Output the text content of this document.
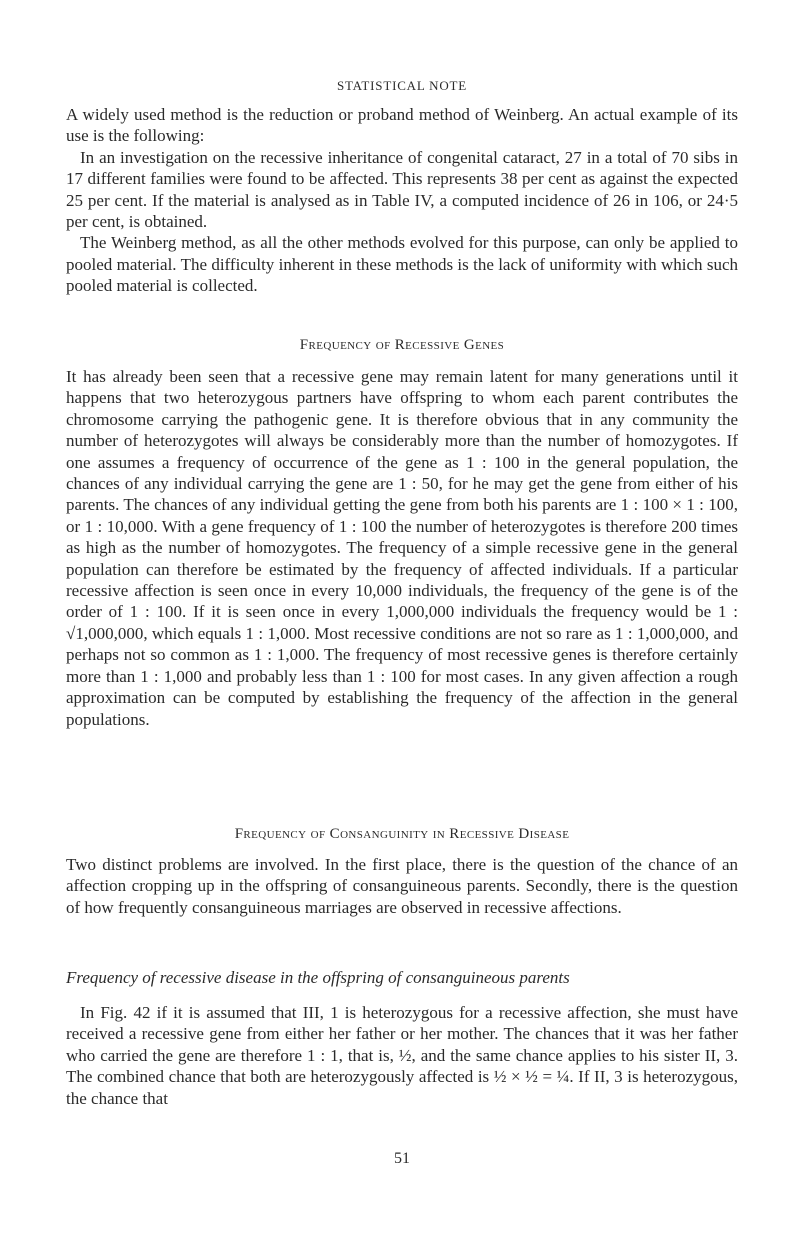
STATISTICAL NOTE

A widely used method is the reduction or proband method of Weinberg. An actual example of its use is the following:

In an investigation on the recessive inheritance of congenital cataract, 27 in a total of 70 sibs in 17 different families were found to be affected. This represents 38 per cent as against the expected 25 per cent. If the material is analysed as in Table IV, a computed incidence of 26 in 106, or 24·5 per cent, is obtained.

The Weinberg method, as all the other methods evolved for this purpose, can only be applied to pooled material. The difficulty inherent in these methods is the lack of uniformity with which such pooled material is collected.

Frequency of Recessive Genes

It has already been seen that a recessive gene may remain latent for many generations until it happens that two heterozygous partners have offspring to whom each parent contributes the chromosome carrying the pathogenic gene. It is therefore obvious that in any community the number of heterozygotes will always be considerably more than the number of homozygotes. If one assumes a frequency of occurrence of the gene as 1 : 100 in the general population, the chances of any individual carrying the gene are 1 : 50, for he may get the gene from either of his parents. The chances of any individual getting the gene from both his parents are 1 : 100 × 1 : 100, or 1 : 10,000. With a gene frequency of 1 : 100 the number of heterozygotes is therefore 200 times as high as the number of homozygotes. The frequency of a simple recessive gene in the general population can therefore be estimated by the frequency of affected individuals. If a particular recessive affection is seen once in every 10,000 individuals, the frequency of the gene is of the order of 1 : 100. If it is seen once in every 1,000,000 individuals the frequency would be 1 : √1,000,000, which equals 1 : 1,000. Most recessive conditions are not so rare as 1 : 1,000,000, and perhaps not so common as 1 : 1,000. The frequency of most recessive genes is therefore certainly more than 1 : 1,000 and probably less than 1 : 100 for most cases. In any given affection a rough approximation can be computed by establishing the frequency of the affection in the general populations.

Frequency of Consanguinity in Recessive Disease

Two distinct problems are involved. In the first place, there is the question of the chance of an affection cropping up in the offspring of consanguineous parents. Secondly, there is the question of how frequently consanguineous marriages are observed in recessive affections.

Frequency of recessive disease in the offspring of consanguineous parents

In Fig. 42 if it is assumed that III, 1 is heterozygous for a recessive affection, she must have received a recessive gene from either her father or her mother. The chances that it was her father who carried the gene are therefore 1 : 1, that is, ½, and the same chance applies to his sister II, 3. The combined chance that both are heterozygously affected is ½ × ½ = ¼. If II, 3 is heterozygous, the chance that

51
